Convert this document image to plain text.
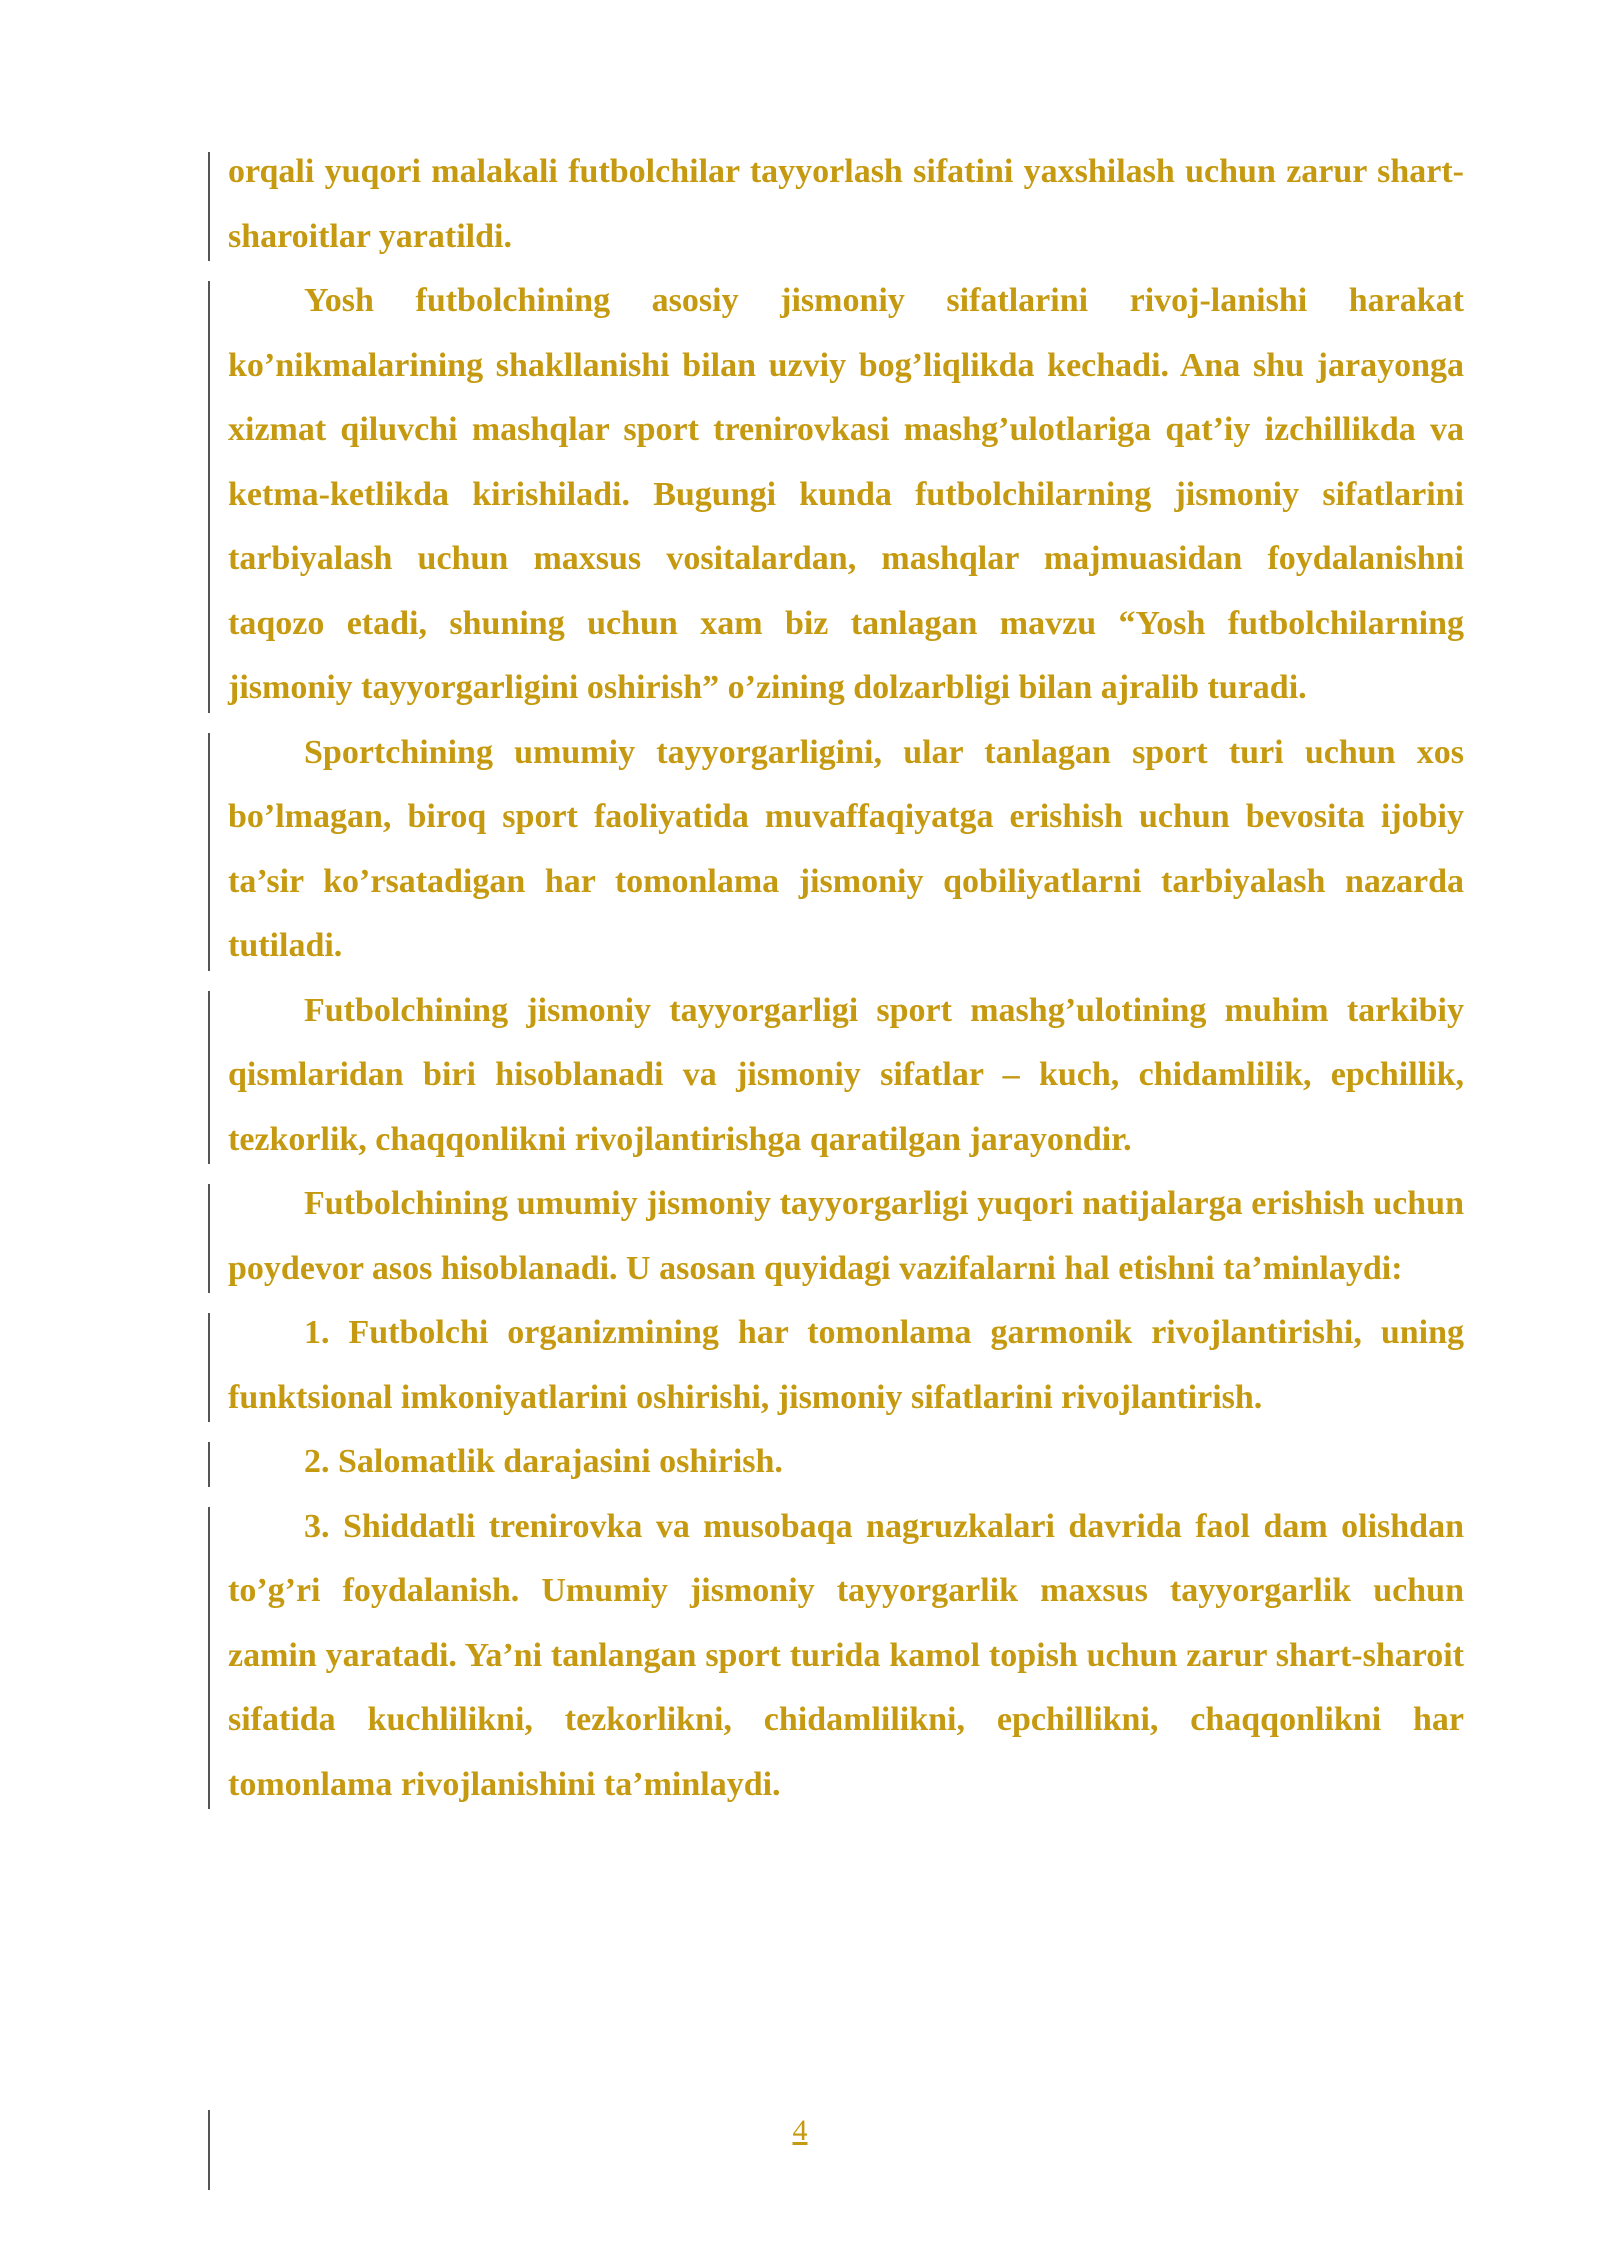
orqali yuqori malakali futbolchilar tayyorlash sifatini yaxshilash uchun zarur shart-sharoitlar yaratildi.

Yosh futbolchining asosiy jismoniy sifatlarini rivoj-lanishi harakat ko’nikmalarining shakllanishi bilan uzviy bog’liqlikda kechadi. Ana shu jarayonga xizmat qiluvchi mashqlar sport trenirovkasi mashg’ulotlariga qat’iy izchillikda va ketma-ketlikda kirishiladi. Bugungi kunda futbolchilarning jismoniy sifatlarini tarbiyalash uchun maxsus vositalardan, mashqlar majmuasidan foydalanishni taqozo etadi, shuning uchun xam biz tanlagan mavzu “Yosh futbolchilarning jismoniy tayyorgarligini oshirish” o’zining dolzarbligi bilan ajralib turadi.

Sportchining umumiy tayyorgarligini, ular tanlagan sport turi uchun xos bo’lmagan, biroq sport faoliyatida muvaffaqiyatga erishish uchun bevosita ijobiy ta’sir ko’rsatadigan har tomonlama jismoniy qobiliyatlarni tarbiyalash nazarda tutiladi.

Futbolchining jismoniy tayyorgarligi sport mashg’ulotining muhim tarkibiy qismlaridan biri hisoblanadi va jismoniy sifatlar – kuch, chidamlilik, epchillik, tezkorlik, chaqqonlikni rivojlantirishga qaratilgan jarayondir.

Futbolchining umumiy jismoniy tayyorgarligi yuqori natijalarga erishish uchun poydevor asos hisoblanadi. U asosan quyidagi vazifalarni hal etishni ta’minlaydi:

1. Futbolchi organizmining har tomonlama garmonik rivojlantirishi, uning funktsional imkoniyatlarini oshirishi, jismoniy sifatlarini rivojlantirish.

2. Salomatlik darajasini oshirish.

3. Shiddatli trenirovka va musobaqa nagruzkalari davrida faol dam olishdan to’g’ri foydalanish. Umumiy jismoniy tayyorgarlik maxsus tayyorgarlik uchun zamin yaratadi. Ya’ni tanlangan sport turida kamol topish uchun zarur shart-sharoit sifatida kuchlilikni, tezkorlikni, chidamlilikni, epchillikni, chaqqonlikni har tomonlama rivojlanishini ta’minlaydi.

4
